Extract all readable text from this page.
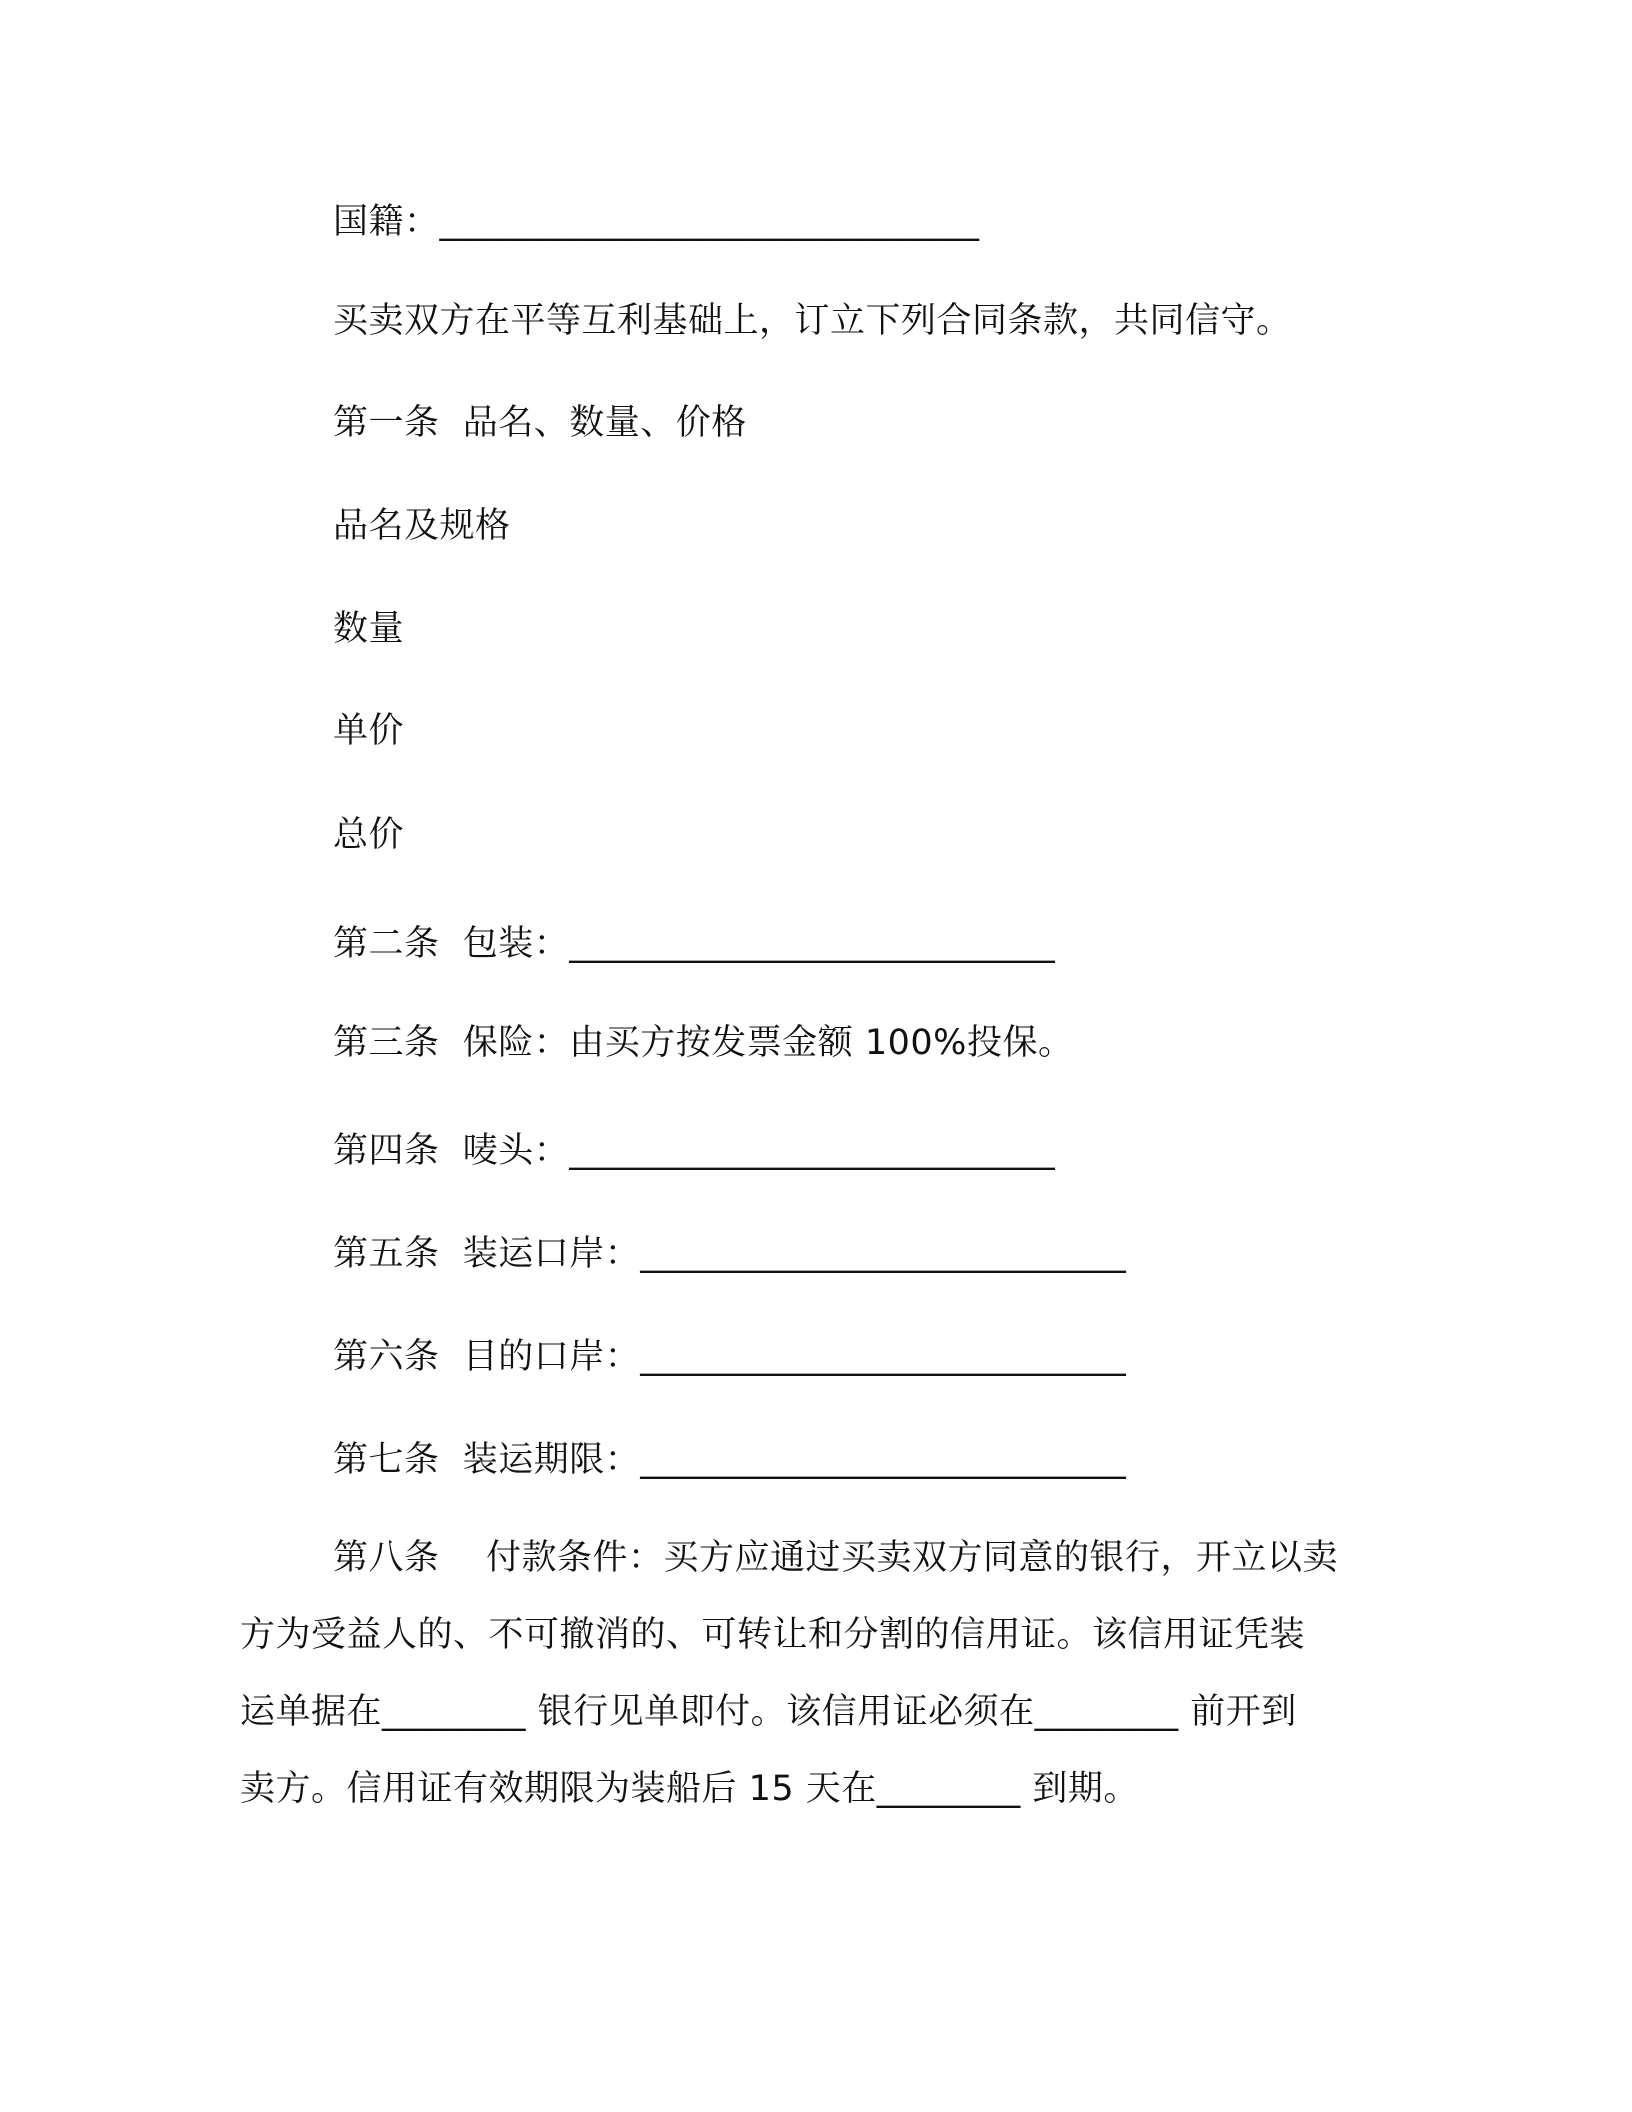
国籍：______________________________
买卖双方在平等互利基础上，订立下列合同条款，共同信守。
第一条  品名、数量、价格
品名及规格
数量
单价
总价
第二条  包装：___________________________
第三条  保险：由买方按发票金额 100%投保。
第四条  唛头：___________________________
第五条  装运口岸：___________________________
第六条  目的口岸：___________________________
第七条  装运期限：___________________________
第八条    付款条件：买方应通过买卖双方同意的银行，开立以卖
方为受益人的、不可撤消的、可转让和分割的信用证。该信用证凭装
运单据在________ 银行见单即付。该信用证必须在________ 前开到
卖方。信用证有效期限为装船后 15 天在________ 到期。
